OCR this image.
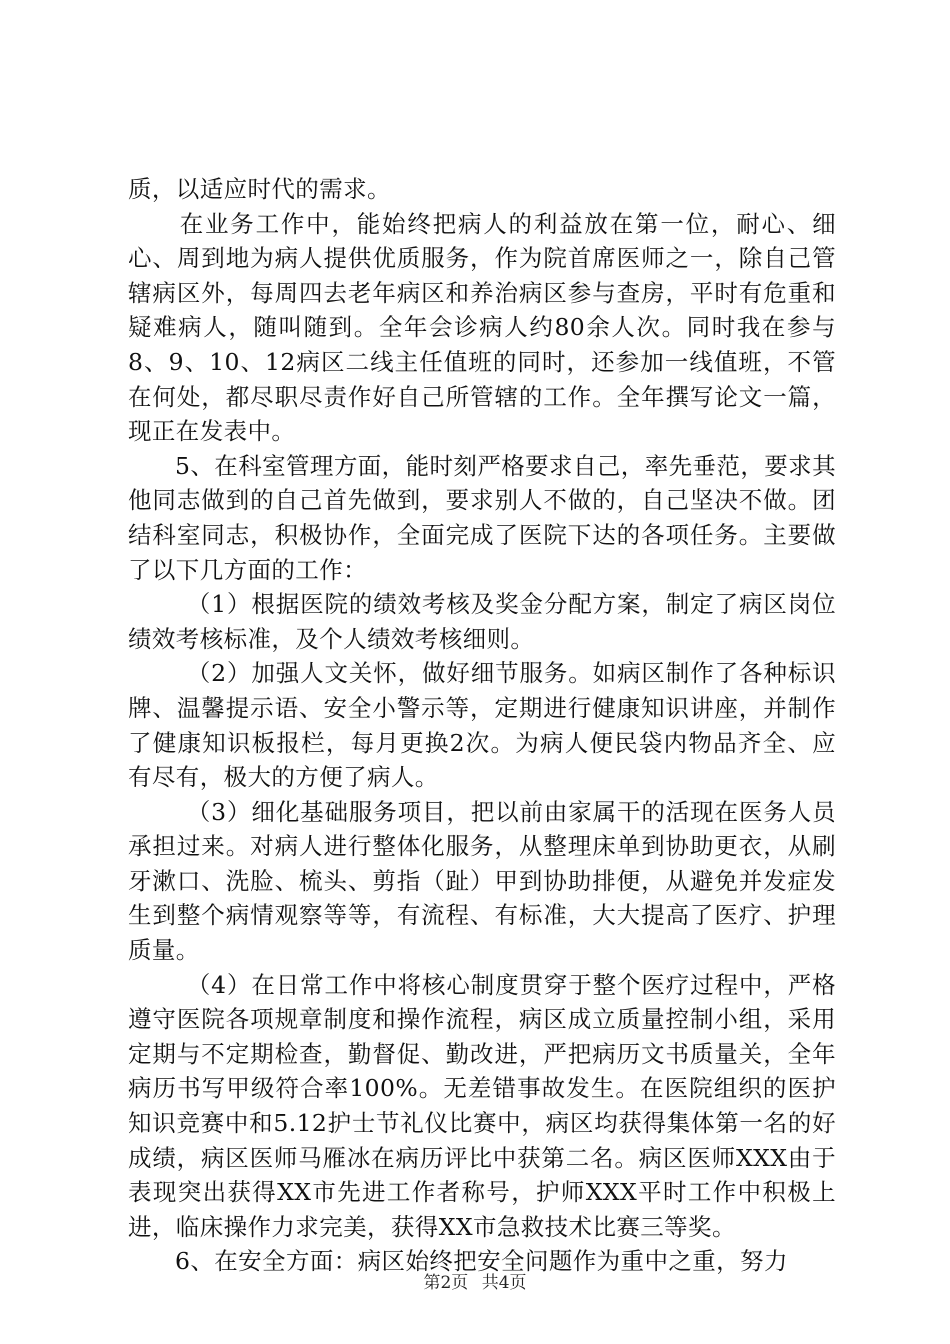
质，以适应时代的需求。

在业务工作中，能始终把病人的利益放在第一位，耐心、细心、周到地为病人提供优质服务，作为院首席医师之一，除自己管辖病区外，每周四去老年病区和养治病区参与查房，平时有危重和疑难病人，随叫随到。全年会诊病人约80余人次。同时我在参与8、9、10、12病区二线主任值班的同时，还参加一线值班，不管在何处，都尽职尽责作好自己所管辖的工作。全年撰写论文一篇，现正在发表中。

5、在科室管理方面，能时刻严格要求自己，率先垂范，要求其他同志做到的自己首先做到，要求别人不做的，自己坚决不做。团结科室同志，积极协作，全面完成了医院下达的各项任务。主要做了以下几方面的工作：

（1）根据医院的绩效考核及奖金分配方案，制定了病区岗位绩效考核标准，及个人绩效考核细则。

（2）加强人文关怀，做好细节服务。如病区制作了各种标识牌、温馨提示语、安全小警示等，定期进行健康知识讲座，并制作了健康知识板报栏，每月更换2次。为病人便民袋内物品齐全、应有尽有，极大的方便了病人。

（3）细化基础服务项目，把以前由家属干的活现在医务人员承担过来。对病人进行整体化服务，从整理床单到协助更衣，从刷牙漱口、洗脸、梳头、剪指（趾）甲到协助排便，从避免并发症发生到整个病情观察等等，有流程、有标准，大大提高了医疗、护理质量。

（4）在日常工作中将核心制度贯穿于整个医疗过程中，严格遵守医院各项规章制度和操作流程，病区成立质量控制小组，采用定期与不定期检查，勤督促、勤改进，严把病历文书质量关，全年病历书写甲级符合率100%。无差错事故发生。在医院组织的医护知识竞赛中和5.12护士节礼仪比赛中，病区均获得集体第一名的好成绩，病区医师马雁冰在病历评比中获第二名。病区医师XXX由于表现突出获得XX市先进工作者称号，护师XXX平时工作中积极上进，临床操作力求完美，获得XX市急救技术比赛三等奖。

6、在安全方面：病区始终把安全问题作为重中之重，努力

第2页 共4页
